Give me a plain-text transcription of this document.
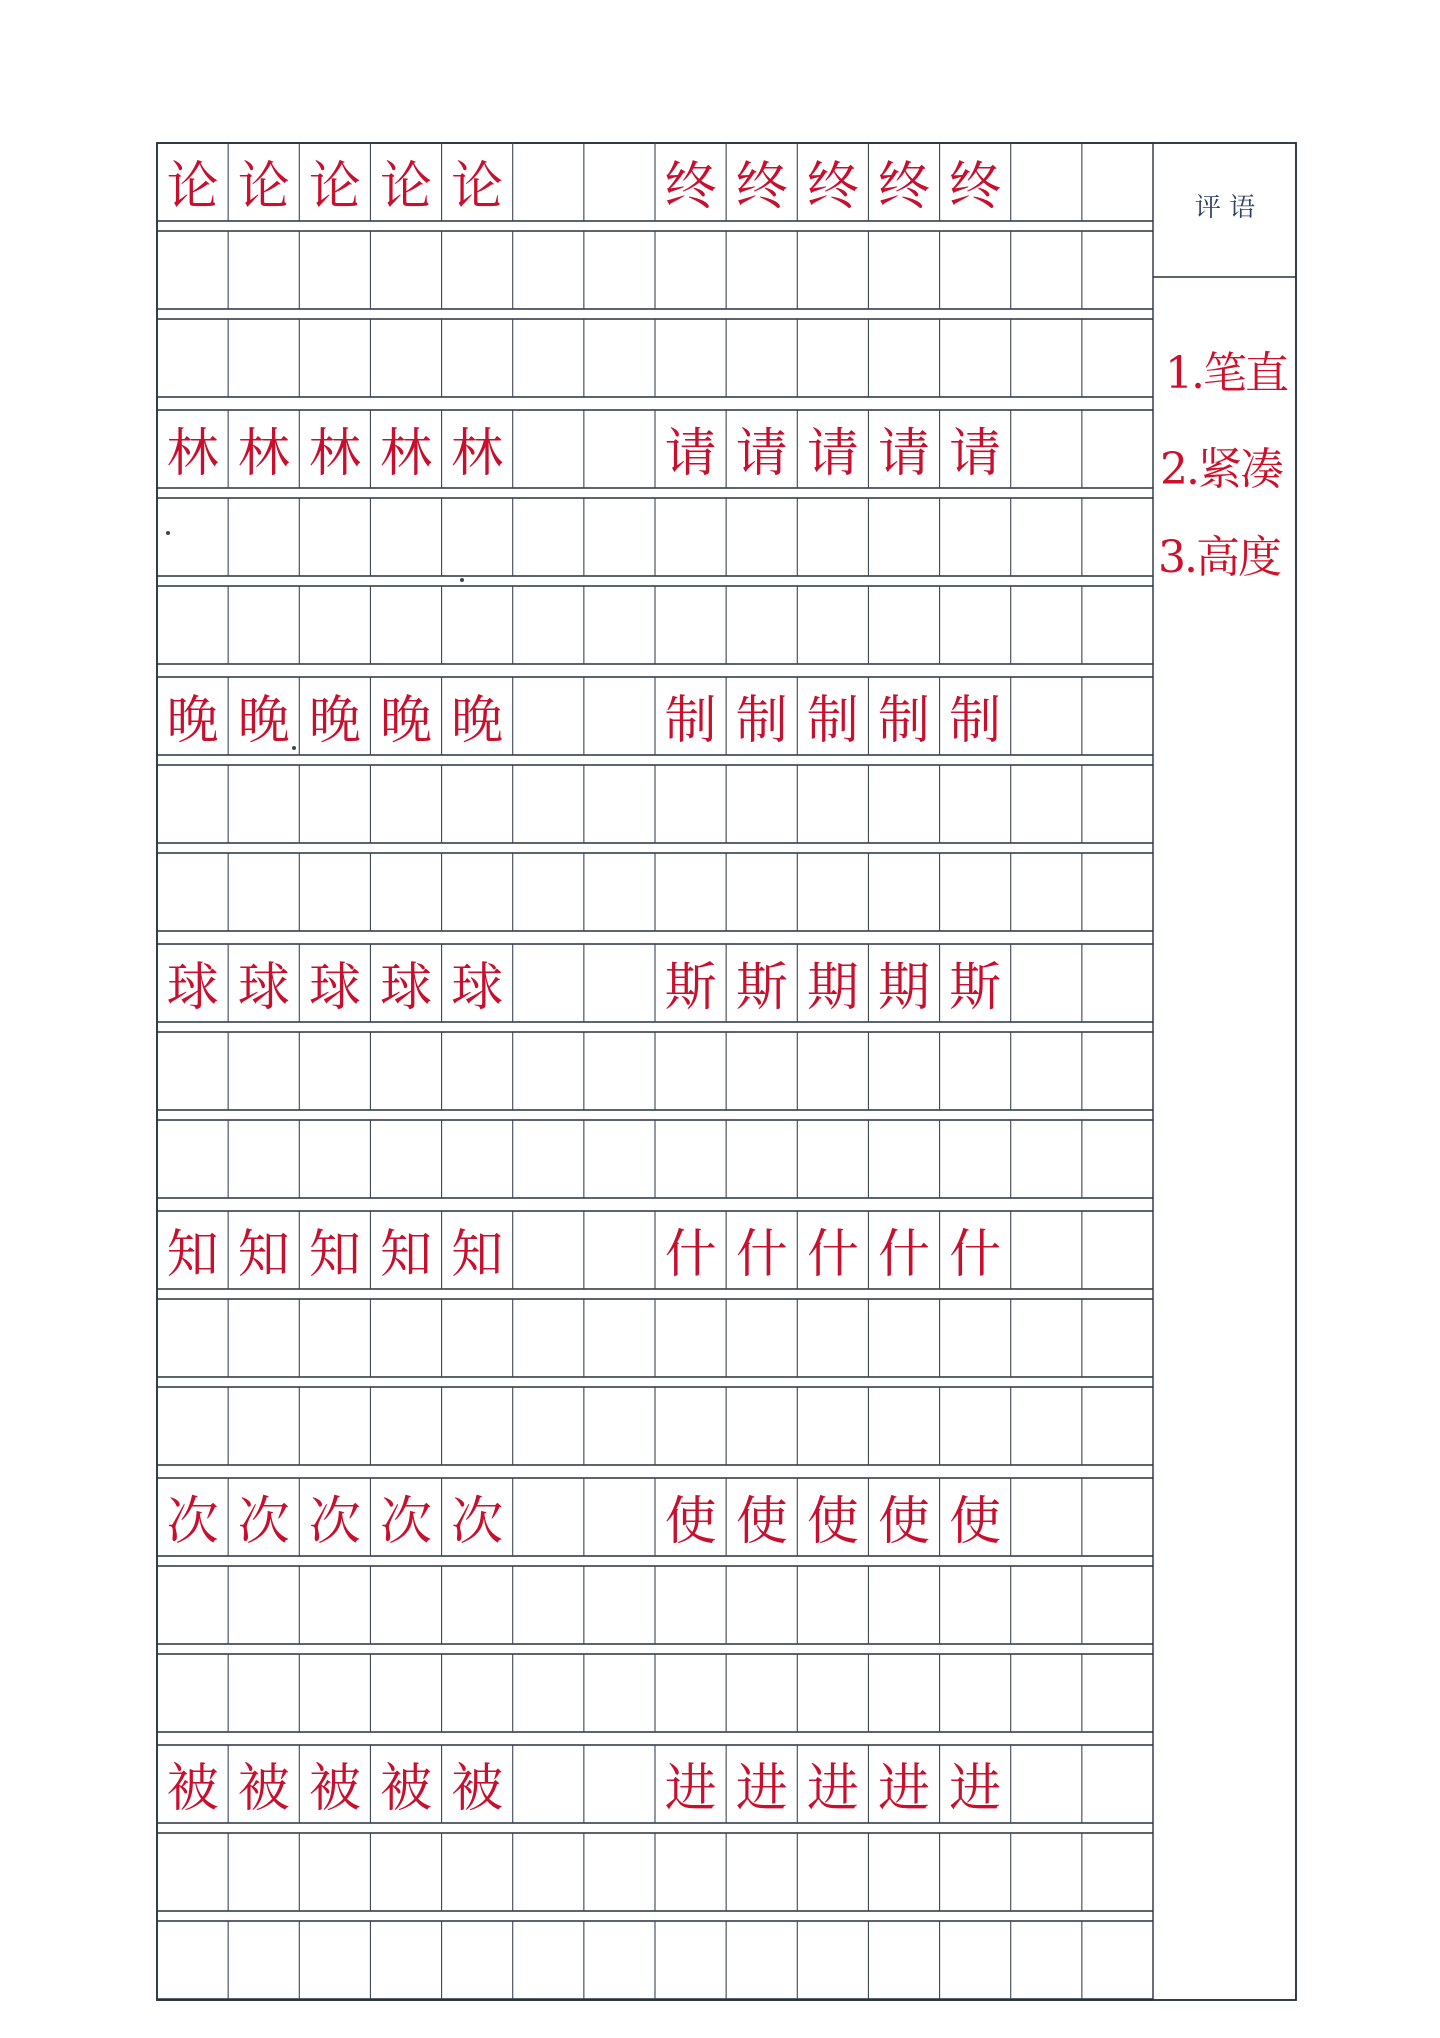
论 论 论 论 论	终 终 终 终 终
林 林 林 林 林	请 请 请 请 请
晚 晚 晚 晚 晚	制 制 制 制 制
球 球 球 球 球	斯 斯 期 期 斯
知 知 知 知 知	什 什 什 什 什
次 次 次 次 次	使 使 使 使 使
被 被 被 被 被	进 进 进 进 进
评 语
1.笔直
2.紧凑
3.高度
